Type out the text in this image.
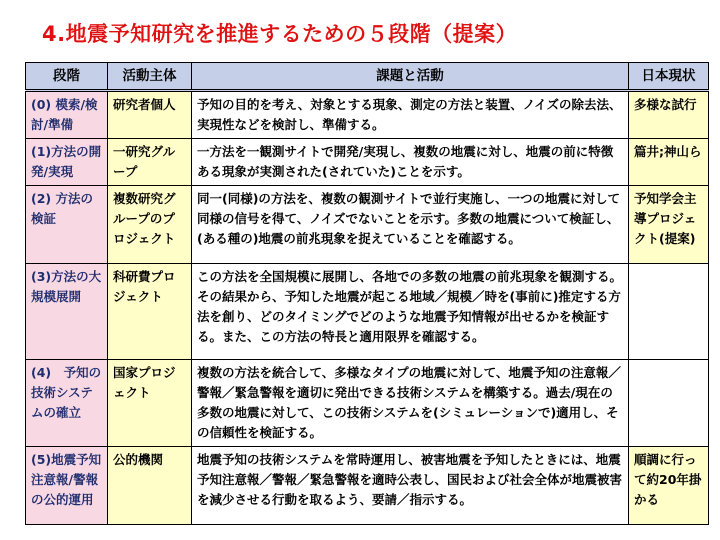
4.地震予知研究を推進するための５段階（提案）
段階	活動主体	課題と活動	日本現状
(0) 模索/検討/準備	研究者個人	予知の目的を考え、対象とする現象、測定の方法と装置、ノイズの除去法、実現性などを検討し、準備する。	多様な試行
(1)方法の開発/実現	一研究グループ	一方法を一観測サイトで開発/実現し、複数の地震に対し、地震の前に特徴ある現象が実測された(されていた)ことを示す。	篇井;神山ら
(2) 方法の検証	複数研究グループのプロジェクト	同一(同様)の方法を、複数の観測サイトで並行実施し、一つの地震に対して同様の信号を得て、ノイズでないことを示す。多数の地震について検証し、(ある種の)地震の前兆現象を捉えていることを確認する。	予知学会主導プロジェクト(提案)
(3)方法の大規模展開	科研費プロジェクト	この方法を全国規模に展開し、各地での多数の地震の前兆現象を観測する。その結果から、予知した地震が起こる地域／規模／時を(事前に)推定する方法を創り、どのタイミングでどのような地震予知情報が出せるかを検証する。また、この方法の特長と適用限界を確認する。	
(4)　予知の技術システムの確立	国家プロジェクト	複数の方法を統合して、多様なタイプの地震に対して、地震予知の注意報／警報／緊急警報を適切に発出できる技術システムを構築する。過去/現在の多数の地震に対して、この技術システムを(シミュレーションで)適用し、その信頼性を検証する。	
(5)地震予知注意報/警報の公的運用	公的機関	地震予知の技術システムを常時運用し、被害地震を予知したときには、地震予知注意報／警報／緊急警報を適時公表し、国民および社会全体が地震被害を減少させる行動を取るよう、要請／指示する。	順調に行って約20年掛かる
